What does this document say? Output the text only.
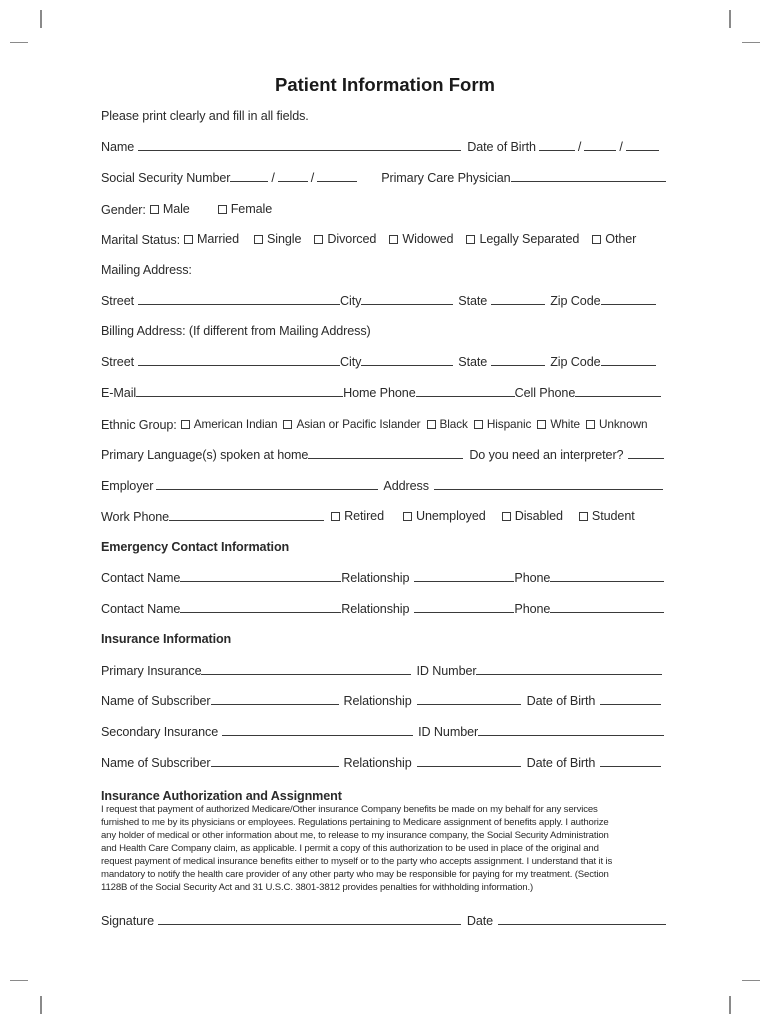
Patient Information Form
Please print clearly and fill in all fields.
Name	Date of Birth	/	/
Social Security Number	/	/	Primary Care Physician
Gender: Male	Female
Marital Status: Married Single Divorced Widowed Legally Separated Other
Mailing Address:
Street	City	State	Zip Code
Billing Address: (If different from Mailing Address)
Street	City	State	Zip Code
E-Mail	Home Phone	Cell Phone
Ethnic Group: American Indian Asian or Pacific Islander Black Hispanic White Unknown
Primary Language(s) spoken at home	Do you need an interpreter?
Employer	Address
Work Phone	Retired	Unemployed Disabled Student
Emergency Contact Information
Contact Name	Relationship	Phone
Contact Name	Relationship	Phone
Insurance Information
Primary Insurance	ID Number
Name of Subscriber	Relationship	Date of Birth
Secondary Insurance	ID Number
Name of Subscriber	Relationship	Date of Birth
Insurance Authorization and Assignment
I request that payment of authorized Medicare/Other insurance Company benefits be made on my behalf for any services
furnished to me by its physicians or employees. Regulations pertaining to Medicare assignment of benefits apply. I authorize
any holder of medical or other information about me, to release to my insurance company, the Social Security Administration
and Health Care Company claim, as applicable. I permit a copy of this authorization to be used in place of the original and
request payment of medical insurance benefits either to myself or to the party who accepts assignment. I understand that it is
mandatory to notify the health care provider of any other party who may be responsible for paying for my treatment. (Section
1128B of the Social Security Act and 31 U.S.C. 3801-3812 provides penalties for withholding information.)
Signature	Date
